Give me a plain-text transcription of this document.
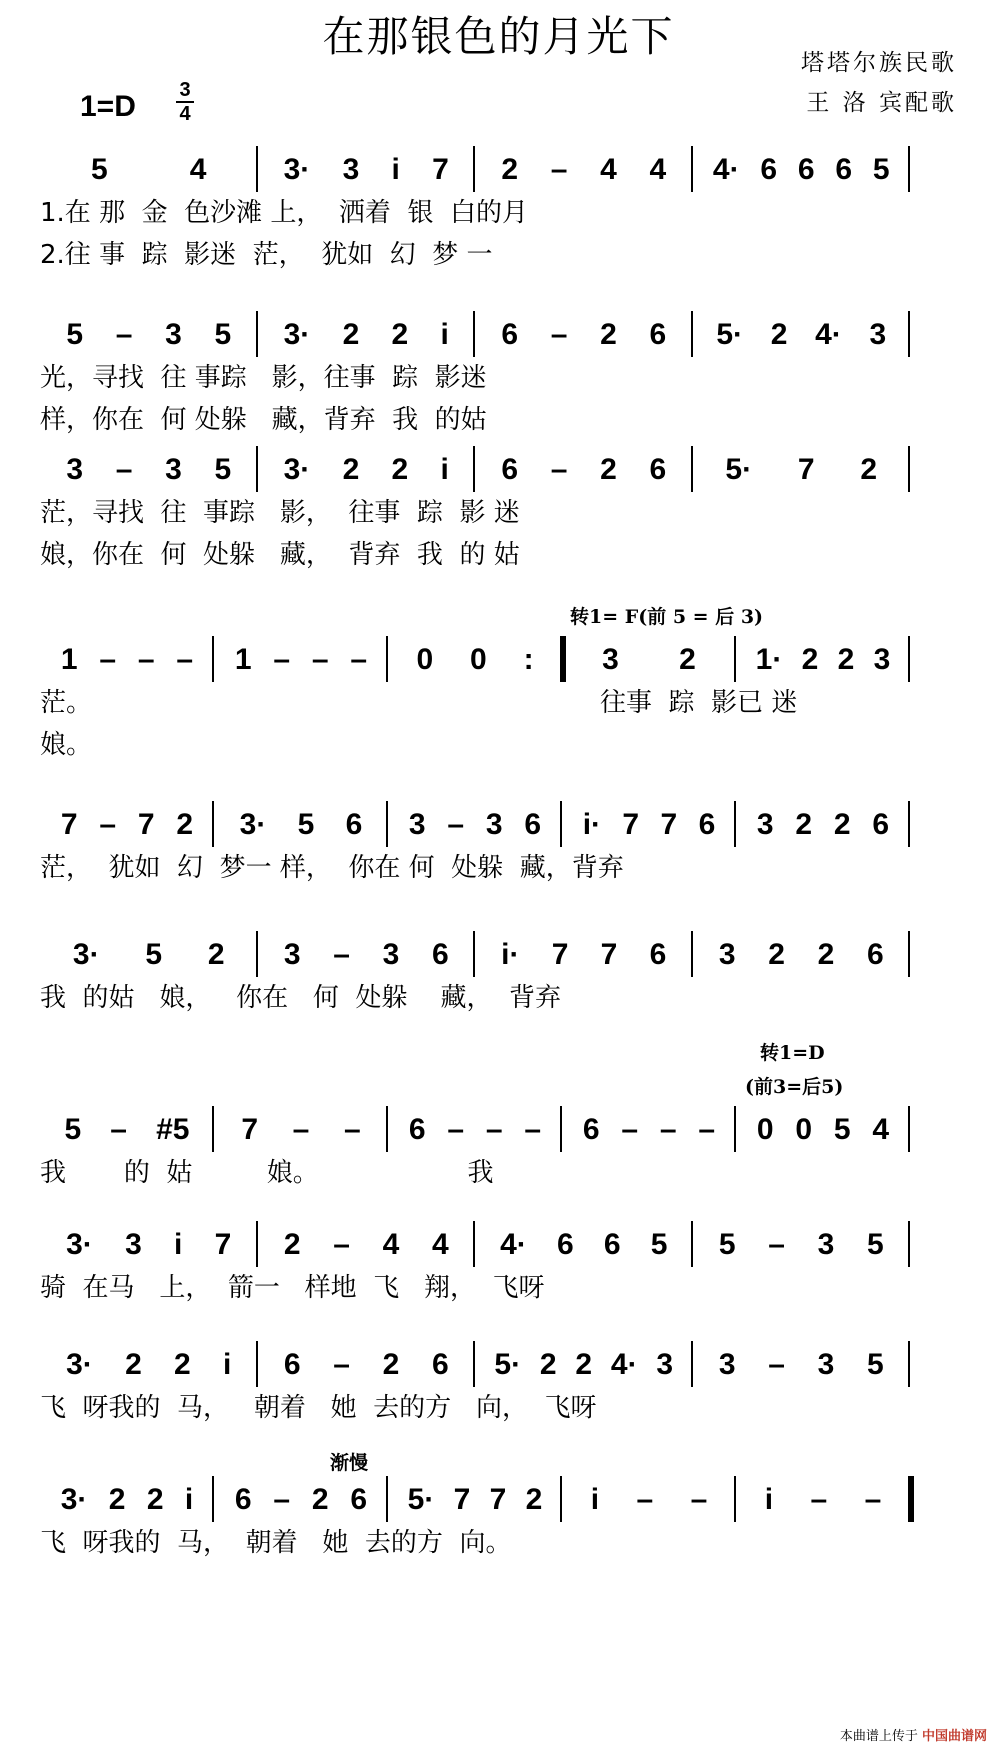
在那银色的月光下
塔塔尔族民歌
王 洛 宾配歌
1=D 3
4
5	4	3· 3 i 7 2 – 4 4 4· 6 6 6 5
1.在 那  金  色沙滩 上，  洒着  银  白的月
2.往 事  踪  影迷  茫，  犹如  幻  梦 一
5 – 3 5 3· 2 2 i 6 – 2 6 5· 2 4· 3
光，寻找  往 事踪   影，往事  踪  影迷
样，你在  何 处躲   藏，背弃  我  的姑
3 – 3 5 3· 2 2 i 6 – 2 6 5· 7 2
茫，寻找  往  事踪   影，  往事  踪  影 迷
娘，你在  何  处躲   藏，  背弃  我  的 姑
1 – – – 1 – – – 0 0 : 3 2 1· 2 2 3
茫。
娘。
往事  踪  影已 迷
转1= F(前 5 = 后 3)
7 – 7 2 3· 5 6 3 – 3 6 i· 7 7 6 3 2 2 6
茫，  犹如  幻  梦一 样，  你在 何  处躲  藏，背弃
3· 5 2 3 – 3 6 i· 7 7 6 3 2 2 6
我  的姑   娘，   你在   何  处躲    藏，  背弃
5 – #5 7 – – 6 – – – 6 – – – 0 0 5 4
我       的  姑         娘。                  我
转1=D
(前3=后5)
3· 3 i 7 2 – 4 4 4· 6 6 5 5 – 3 5
骑  在马   上，  箭一   样地  飞   翔，  飞呀
3· 2 2 i 6 – 2 6 5· 2 2 4· 3 3 – 3 5
飞  呀我的  马，   朝着   她  去的方   向，  飞呀
3· 2 2 i 6 – 2 6 5· 7 7 2 i – – i – –
飞  呀我的  马，  朝着   她  去的方  向。
渐慢
本曲谱上传于 中国曲谱网
